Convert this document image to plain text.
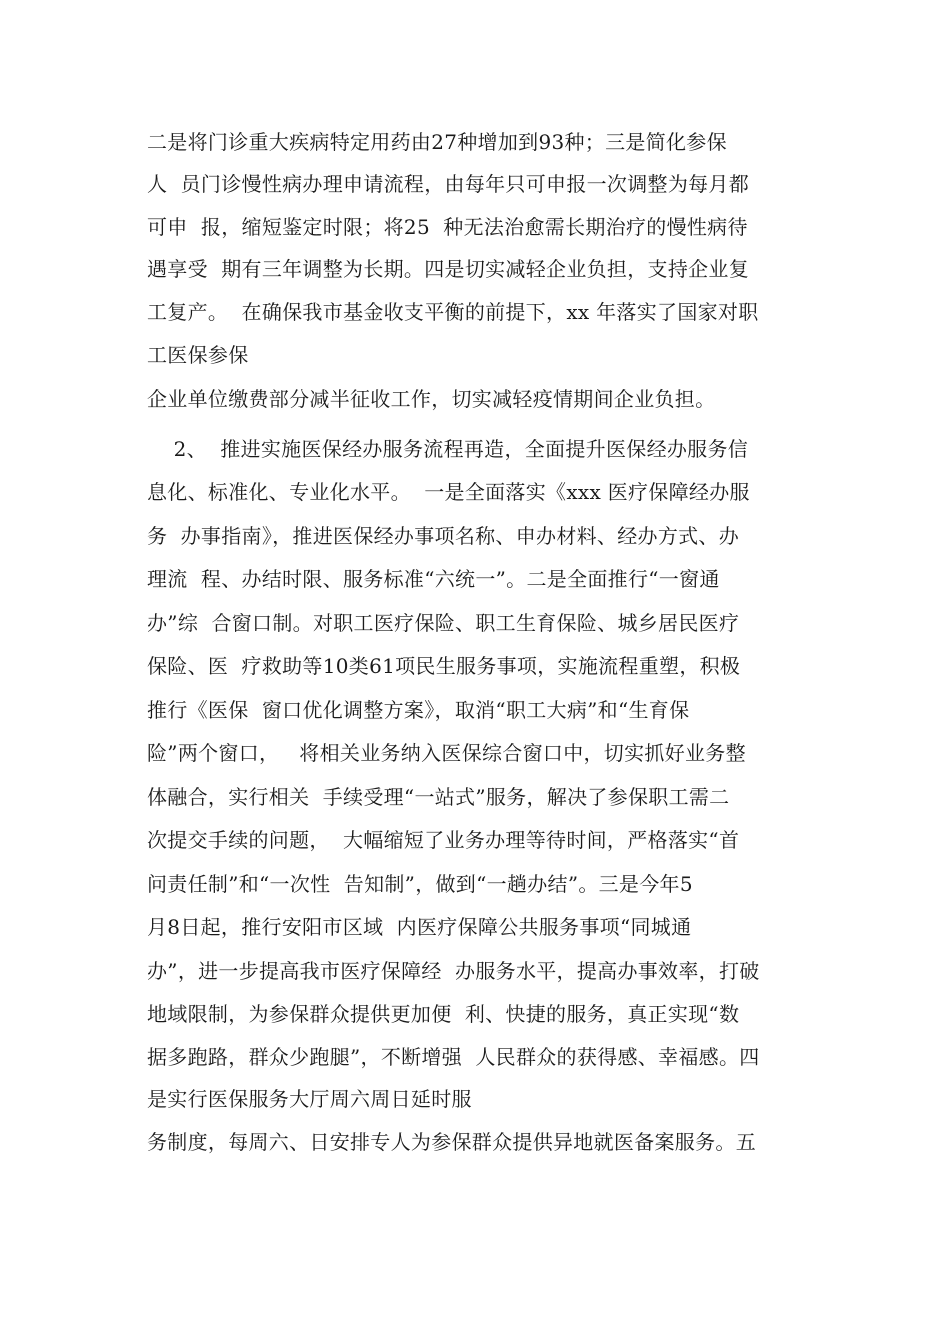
二是将门诊重大疾病特定用药由27种增加到93种；三是简化参保

人  员门诊慢性病办理申请流程，由每年只可申报一次调整为每月都

可申  报，缩短鉴定时限；将25  种无法治愈需长期治疗的慢性病待

遇享受  期有三年调整为长期。四是切实减轻企业负担，支持企业复

工复产。  在确保我市基金收支平衡的前提下，xx 年落实了国家对职

工医保参保

企业单位缴费部分减半征收工作，切实减轻疫情期间企业负担。

2、  推进实施医保经办服务流程再造，全面提升医保经办服务信

息化、标准化、专业化水平。  一是全面落实《xxx 医疗保障经办服

务  办事指南》，推进医保经办事项名称、申办材料、经办方式、办

理流  程、办结时限、服务标准“六统一”。二是全面推行“一窗通

办”综  合窗口制。对职工医疗保险、职工生育保险、城乡居民医疗

保险、医  疗救助等10类61项民生服务事项，实施流程重塑，积极

推行《医保  窗口优化调整方案》，取消“职工大病”和“生育保

险”两个窗口，   将相关业务纳入医保综合窗口中，切实抓好业务整

体融合，实行相关  手续受理“一站式”服务，解决了参保职工需二

次提交手续的问题，  大幅缩短了业务办理等待时间，严格落实“首

问责任制”和“一次性  告知制”，做到“一趟办结”。三是今年5

月8日起，推行安阳市区域  内医疗保障公共服务事项“同城通

办”，进一步提高我市医疗保障经  办服务水平，提高办事效率，打破

地域限制，为参保群众提供更加便  利、快捷的服务，真正实现“数

据多跑路，群众少跑腿”，不断增强  人民群众的获得感、幸福感。四

是实行医保服务大厅周六周日延时服

务制度，每周六、日安排专人为参保群众提供异地就医备案服务。五
